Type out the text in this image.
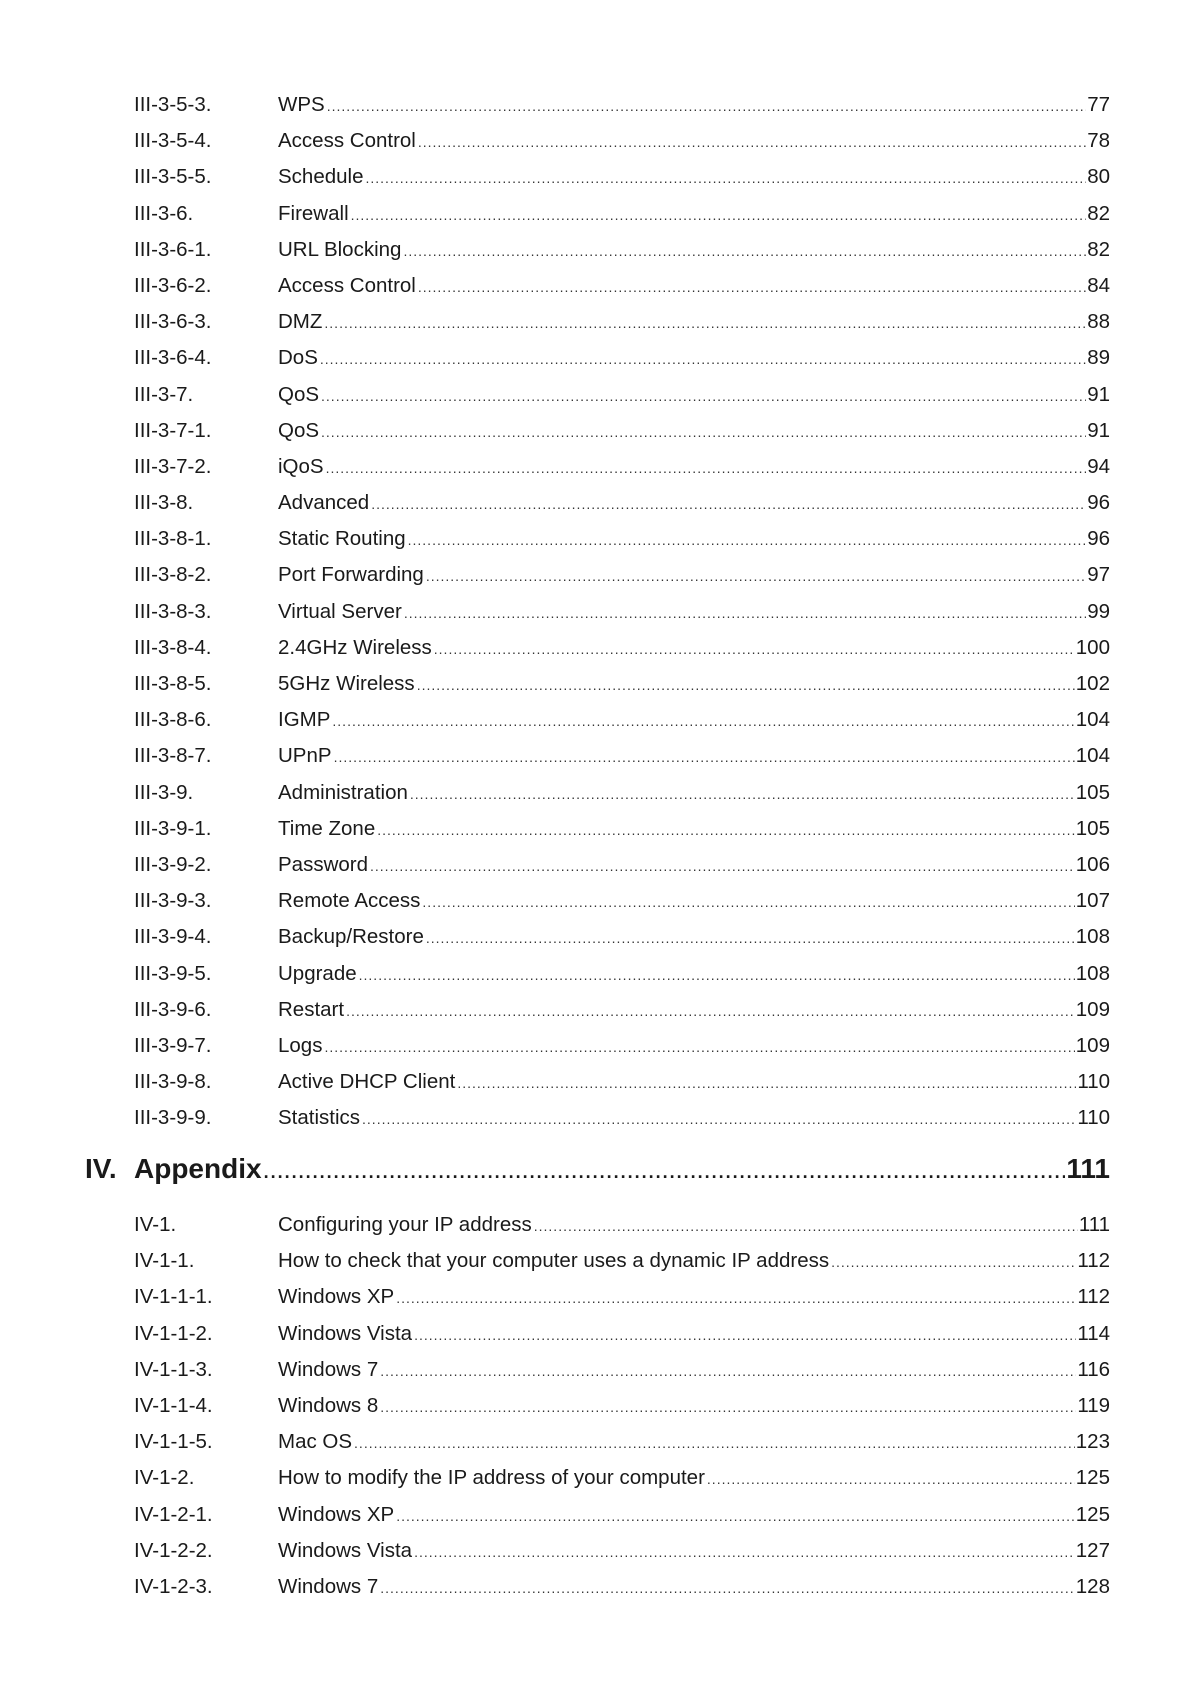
III-3-5-3.	WPS .....	77
III-3-5-4.	Access Control .....	78
III-3-5-5.	Schedule .....	80
III-3-6.	Firewall .....	82
III-3-6-1.	URL Blocking .....	82
III-3-6-2.	Access Control .....	84
III-3-6-3.	DMZ .....	88
III-3-6-4.	DoS .....	89
III-3-7.	QoS .....	91
III-3-7-1.	QoS .....	91
III-3-7-2.	iQoS .....	94
III-3-8.	Advanced .....	96
III-3-8-1.	Static Routing .....	96
III-3-8-2.	Port Forwarding .....	97
III-3-8-3.	Virtual Server .....	99
III-3-8-4.	2.4GHz Wireless .....	100
III-3-8-5.	5GHz Wireless .....	102
III-3-8-6.	IGMP .....	104
III-3-8-7.	UPnP .....	104
III-3-9.	Administration .....	105
III-3-9-1.	Time Zone .....	105
III-3-9-2.	Password .....	106
III-3-9-3.	Remote Access .....	107
III-3-9-4.	Backup/Restore .....	108
III-3-9-5.	Upgrade .....	108
III-3-9-6.	Restart .....	109
III-3-9-7.	Logs .....	109
III-3-9-8.	Active DHCP Client .....	110
III-3-9-9.	Statistics .....	110
IV. Appendix .....	111
IV-1.	Configuring your IP address .....	111
IV-1-1.	How to check that your computer uses a dynamic IP address .....	112
IV-1-1-1.	Windows XP .....	112
IV-1-1-2.	Windows Vista .....	114
IV-1-1-3.	Windows 7 .....	116
IV-1-1-4.	Windows 8 .....	119
IV-1-1-5.	Mac OS .....	123
IV-1-2.	How to modify the IP address of your computer .....	125
IV-1-2-1.	Windows XP .....	125
IV-1-2-2.	Windows Vista .....	127
IV-1-2-3.	Windows 7 .....	128
